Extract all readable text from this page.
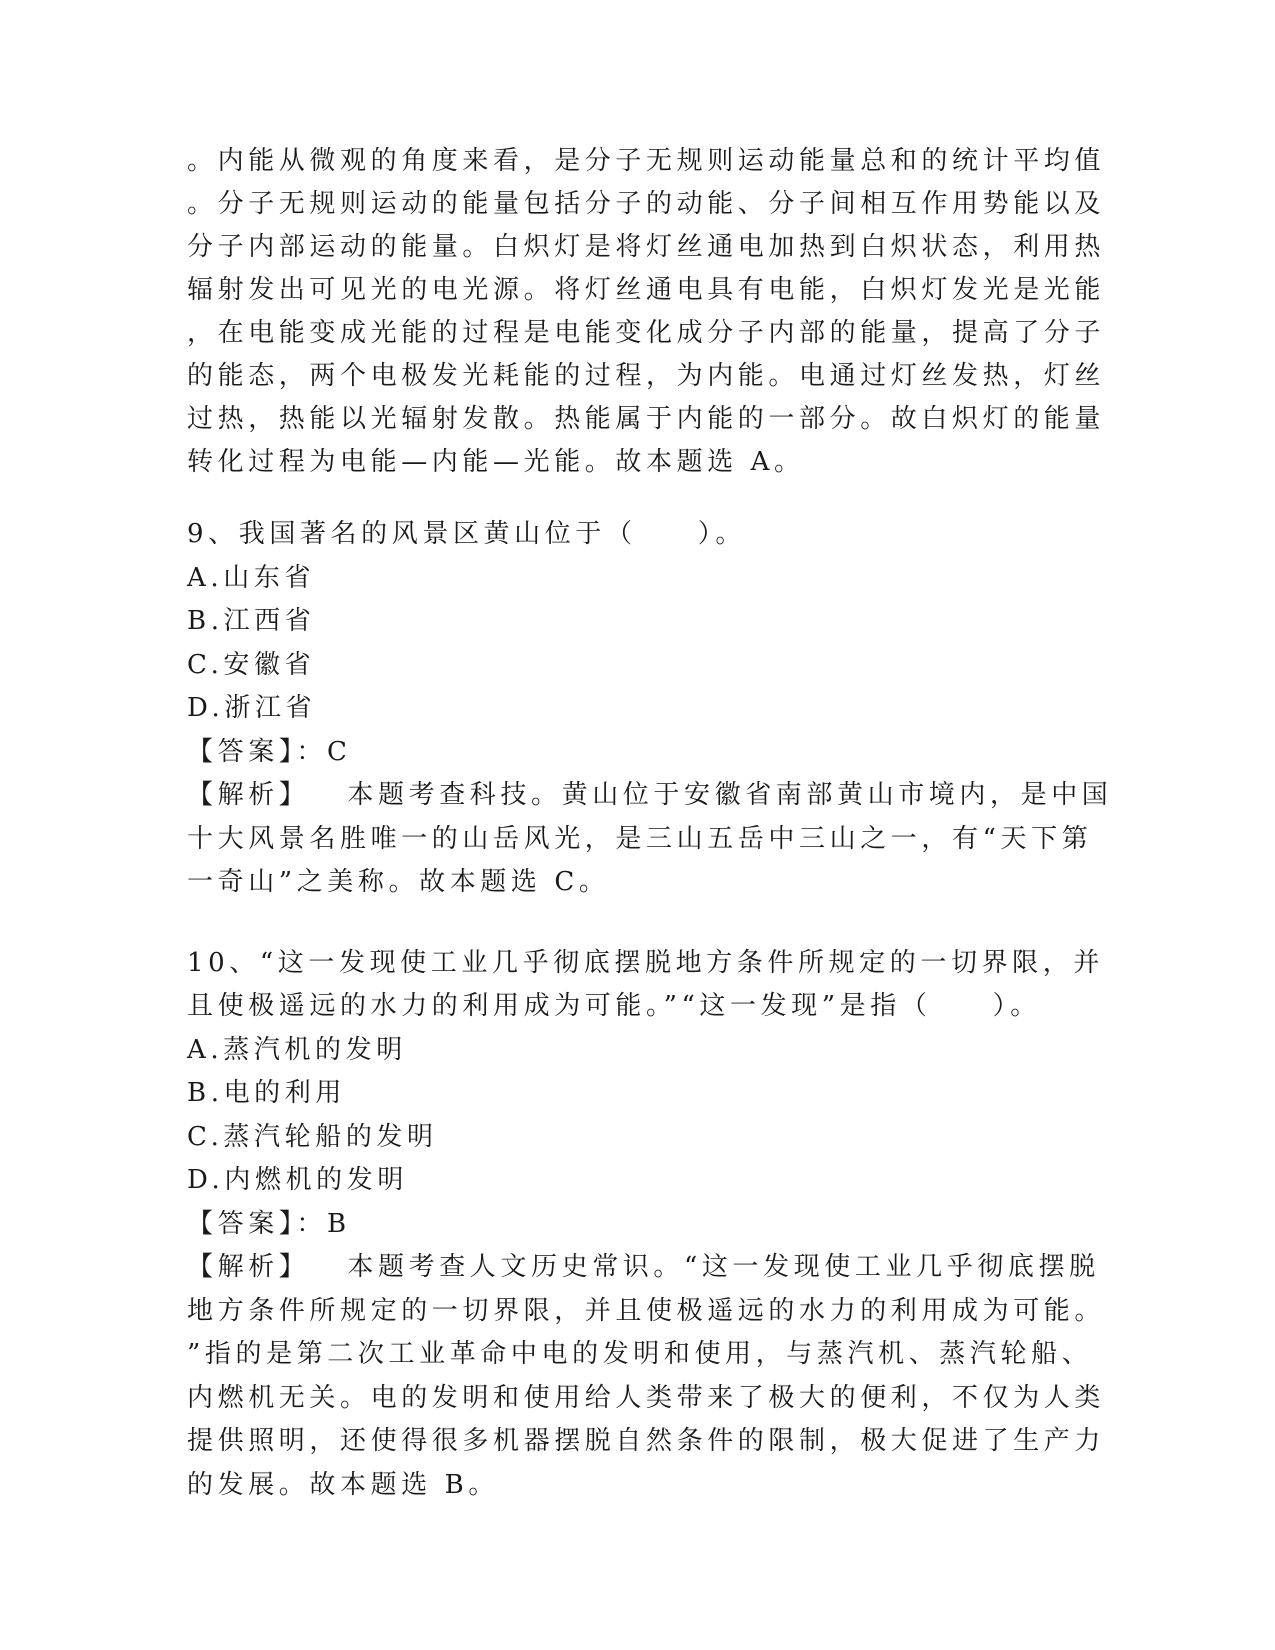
。内能从微观的角度来看，是分子无规则运动能量总和的统计平均值
。分子无规则运动的能量包括分子的动能、分子间相互作用势能以及
分子内部运动的能量。白炽灯是将灯丝通电加热到白炽状态，利用热
辐射发出可见光的电光源。将灯丝通电具有电能，白炽灯发光是光能
，在电能变成光能的过程是电能变化成分子内部的能量，提高了分子
的能态，两个电极发光耗能的过程，为内能。电通过灯丝发热，灯丝
过热，热能以光辐射发散。热能属于内能的一部分。故白炽灯的能量
转化过程为电能—内能—光能。故本题选 A。
9、我国著名的风景区黄山位于（　　）。
A.山东省
B.江西省
C.安徽省
D.浙江省
【答案】：C
【解析】 本题考查科技。黄山位于安徽省南部黄山市境内，是中国
十大风景名胜唯一的山岳风光，是三山五岳中三山之一，有“天下第
一奇山”之美称。故本题选 C。
10、“这一发现使工业几乎彻底摆脱地方条件所规定的一切界限，并
且使极遥远的水力的利用成为可能。”“这一发现”是指（　　）。
A.蒸汽机的发明
B.电的利用
C.蒸汽轮船的发明
D.内燃机的发明
【答案】：B
【解析】 本题考查人文历史常识。“这一发现使工业几乎彻底摆脱
地方条件所规定的一切界限，并且使极遥远的水力的利用成为可能。
”指的是第二次工业革命中电的发明和使用，与蒸汽机、蒸汽轮船、
内燃机无关。电的发明和使用给人类带来了极大的便利，不仅为人类
提供照明，还使得很多机器摆脱自然条件的限制，极大促进了生产力
的发展。故本题选 B。
